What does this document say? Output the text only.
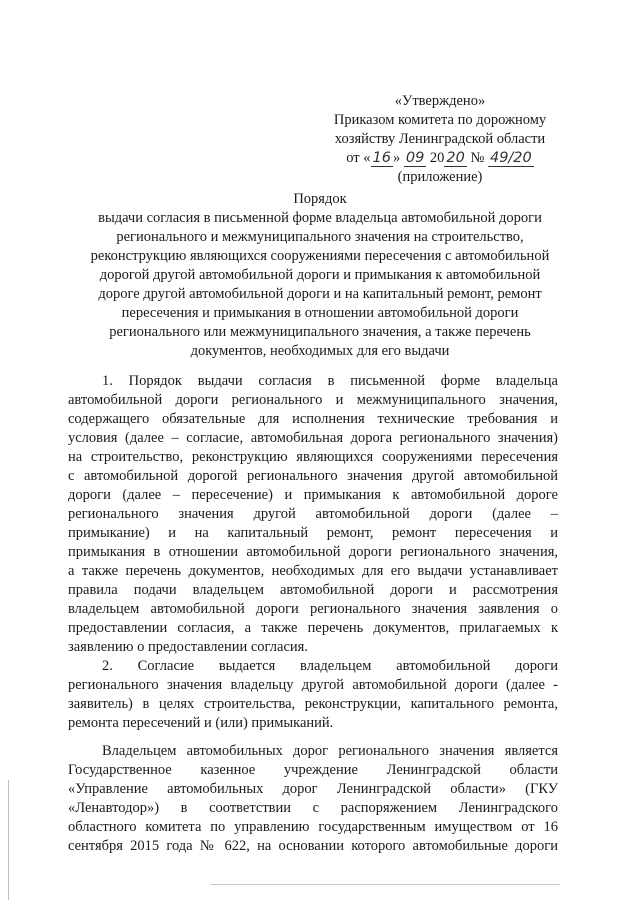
«Утверждено»
Приказом комитета по дорожному
хозяйству Ленинградской области
от « 16 » 09 20 20 № 49/20
(приложение)
Порядок
выдачи согласия в письменной форме владельца автомобильной дороги
регионального и межмуниципального значения на строительство,
реконструкцию являющихся сооружениями пересечения с автомобильной
дорогой другой автомобильной дороги и примыкания к автомобильной
дороге другой автомобильной дороги и на капитальный ремонт, ремонт
пересечения и примыкания в отношении автомобильной дороги
регионального или межмуниципального значения, а также перечень
документов, необходимых для его выдачи
1. Порядок выдачи согласия в письменной форме владельца
автомобильной дороги регионального и межмуниципального значения,
содержащего обязательные для исполнения технические требования и
условия (далее – согласие, автомобильная дорога регионального значения)
на строительство, реконструкцию являющихся сооружениями пересечения
с автомобильной дорогой регионального значения другой автомобильной
дороги (далее – пересечение) и примыкания к автомобильной дороге
регионального значения другой автомобильной дороги (далее –
примыкание) и на капитальный ремонт, ремонт пересечения и
примыкания в отношении автомобильной дороги регионального значения,
а также перечень документов, необходимых для его выдачи устанавливает
правила подачи владельцем автомобильной дороги и рассмотрения
владельцем автомобильной дороги регионального значения заявления о
предоставлении согласия, а также перечень документов, прилагаемых к
заявлению о предоставлении согласия.
2. Согласие выдается владельцем автомобильной дороги
регионального значения владельцу другой автомобильной дороги (далее -
заявитель) в целях строительства, реконструкции, капитального ремонта,
ремонта пересечений и (или) примыканий.
Владельцем автомобильных дорог регионального значения является
Государственное казенное учреждение Ленинградской области
«Управление автомобильных дорог Ленинградской области» (ГКУ
«Ленавтодор») в соответствии с распоряжением Ленинградского
областного комитета по управлению государственным имуществом от 16
сентября 2015 года № 622, на основании которого автомобильные дороги
